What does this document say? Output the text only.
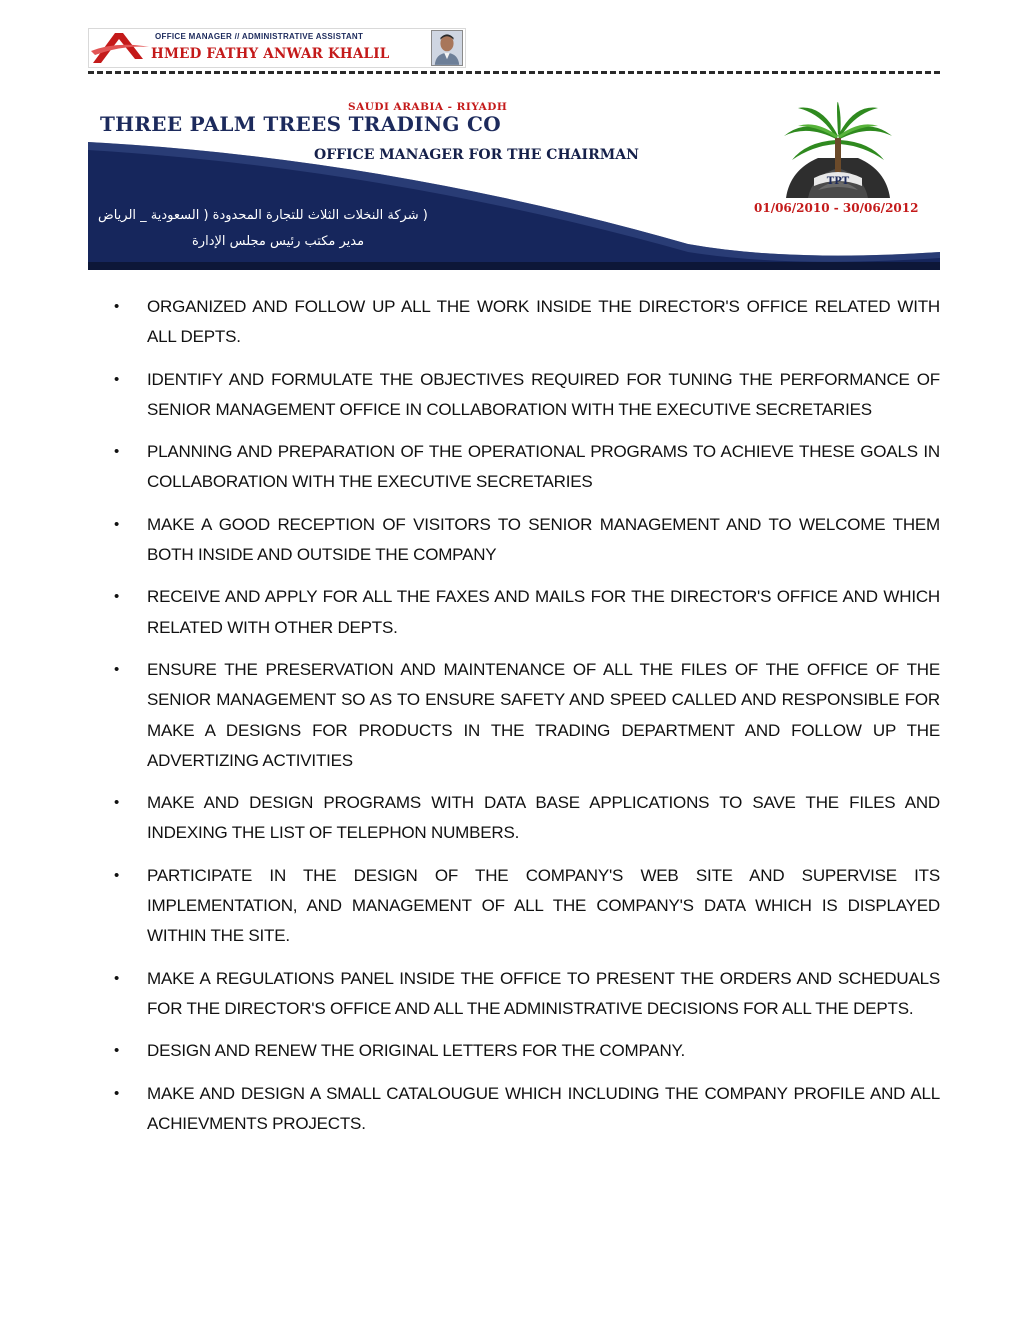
OFFICE MANAGER // ADMINISTRATIVE ASSISTANT
HMED FATHY ANWAR KHALIL
SAUDI ARABIA - RIYADH
THREE PALM TREES TRADING CO
OFFICE MANAGER FOR THE CHAIRMAN
( شركة النخلات الثلاث للتجارة المحدودة ( السعودية _ الرياض
مدير مكتب رئيس مجلس الإدارة
TPT
01/06/2010 - 30/06/2012
• ORGANIZED AND FOLLOW UP ALL THE WORK INSIDE THE DIRECTOR'S OFFICE RELATED WITH ALL DEPTS.
• IDENTIFY AND FORMULATE THE OBJECTIVES REQUIRED FOR TUNING THE PERFORMANCE OF SENIOR MANAGEMENT OFFICE IN COLLABORATION WITH THE EXECUTIVE SECRETARIES
• PLANNING AND PREPARATION OF THE OPERATIONAL PROGRAMS TO ACHIEVE THESE GOALS IN COLLABORATION WITH THE EXECUTIVE SECRETARIES
• MAKE A GOOD RECEPTION OF VISITORS TO SENIOR MANAGEMENT AND TO WELCOME THEM BOTH INSIDE AND OUTSIDE THE COMPANY
• RECEIVE AND APPLY FOR ALL THE FAXES AND MAILS FOR THE DIRECTOR'S OFFICE AND WHICH RELATED WITH OTHER DEPTS.
• ENSURE THE PRESERVATION AND MAINTENANCE OF ALL THE FILES OF THE OFFICE OF THE SENIOR MANAGEMENT SO AS TO ENSURE SAFETY AND SPEED CALLED AND RESPONSIBLE FOR MAKE A DESIGNS FOR PRODUCTS IN THE TRADING DEPARTMENT AND FOLLOW UP THE ADVERTIZING ACTIVITIES
• MAKE AND DESIGN PROGRAMS WITH DATA BASE APPLICATIONS TO SAVE THE FILES AND INDEXING THE LIST OF TELEPHON NUMBERS.
• PARTICIPATE IN THE DESIGN OF THE COMPANY'S WEB SITE AND SUPERVISE ITS IMPLEMENTATION, AND MANAGEMENT OF ALL THE COMPANY'S DATA WHICH IS DISPLAYED WITHIN THE SITE.
• MAKE A REGULATIONS PANEL INSIDE THE OFFICE TO PRESENT THE ORDERS AND SCHEDUALS FOR THE DIRECTOR'S OFFICE AND ALL THE ADMINISTRATIVE DECISIONS FOR ALL THE DEPTS.
• DESIGN AND RENEW THE ORIGINAL LETTERS FOR THE COMPANY.
• MAKE AND DESIGN A SMALL CATALOUGUE WHICH INCLUDING THE COMPANY PROFILE AND ALL ACHIEVMENTS PROJECTS.
